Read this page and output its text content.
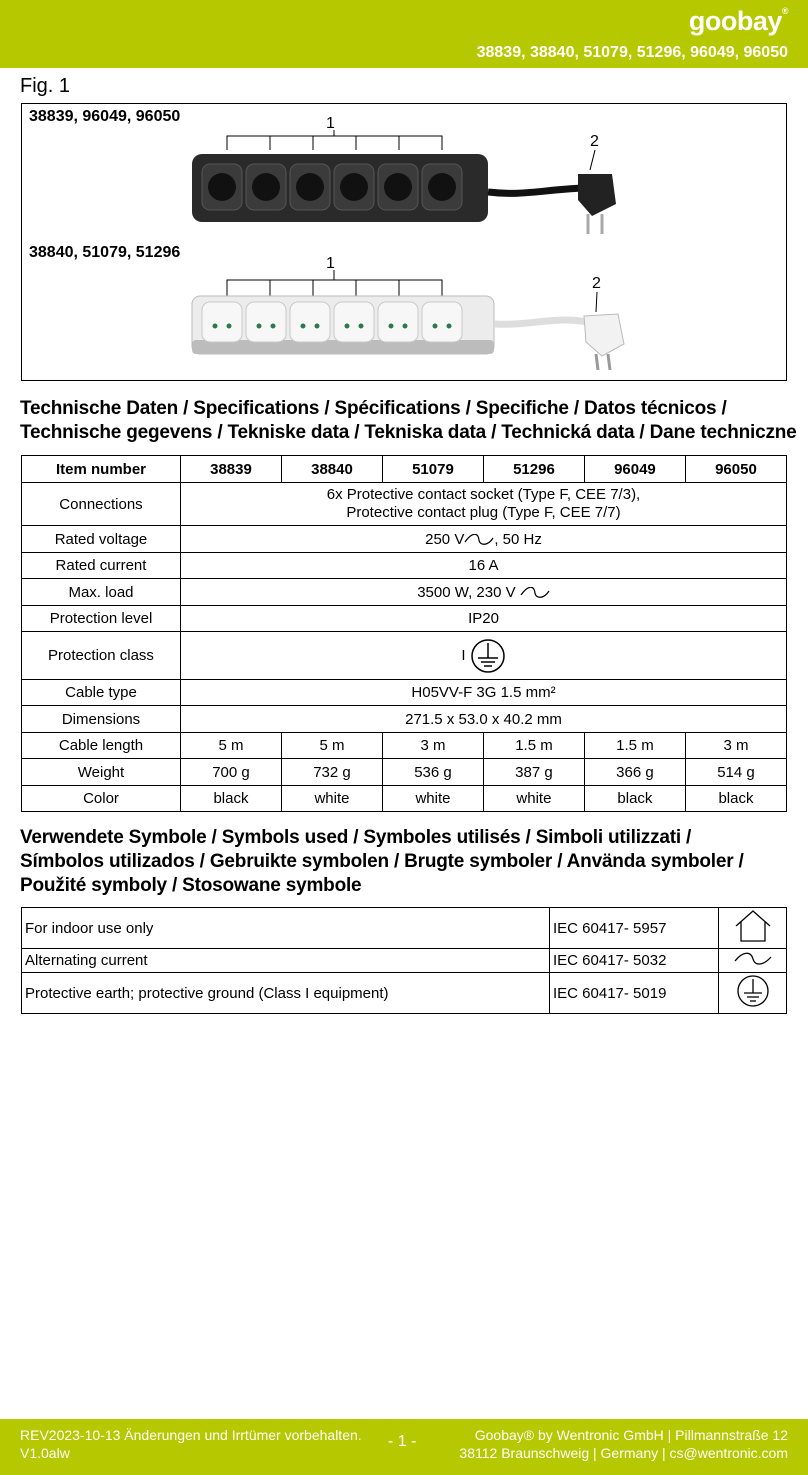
goobay®
38839, 38840, 51079, 51296, 96049, 96050
Fig. 1
38839, 96049, 96050
38840, 51079, 51296
1
2
1
2
Technische Daten / Specifications / Spécifications / Specifiche / Datos técnicos /
Technische gegevens / Tekniske data / Tekniska data / Technická data / Dane techniczne
Item number	38839	38840	51079	51296	96049	96050
Connections	6x Protective contact socket (Type F, CEE 7/3),
Protective contact plug (Type F, CEE 7/7)					

Rated voltage	250 V , 50 Hz					
Rated current	16 A					
Max. load	3500 W, 230 V					
Protection level	IP20					
Protection class	I					
Cable type	H05VV-F 3G 1.5 mm²					
Dimensions	271.5 x 53.0 x 40.2 mm					
Cable length	5 m	5 m	3 m	1.5 m	1.5 m	3 m
Weight	700 g	732 g	536 g	387 g	366 g	514 g
Color	black	white	white	white	black	black
Verwendete Symbole / Symbols used / Symboles utilisés / Simboli utilizzati /
Símbolos utilizados / Gebruikte symbolen / Brugte symboler / Använda symboler /
Použité symboly / Stosowane symbole
For indoor use only	IEC 60417- 5957	
Alternating current	IEC 60417- 5032	
Protective earth; protective ground (Class I equipment)	IEC 60417- 5019	
REV2023-10-13 Änderungen und Irrtümer vorbehalten.
V1.0alw
- 1 -	Goobay® by Wentronic GmbH | Pillmannstraße 12
38112 Braunschweig | Germany | cs@wentronic.com
